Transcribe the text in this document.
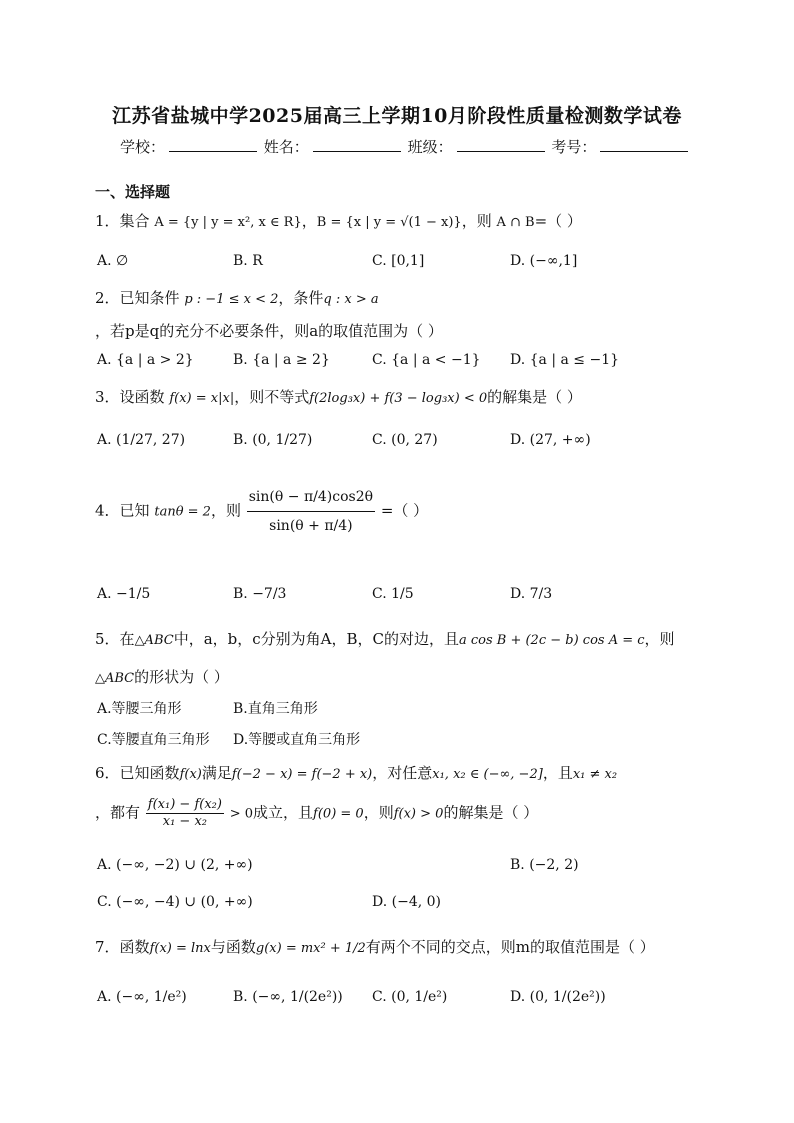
江苏省盐城中学2025届高三上学期10月阶段性质量检测数学试卷
学校：	姓名：	班级：	考号：
一、选择题
1．集合 A = {y | y = x², x ∈ R}，B = {x | y = √(1 − x)}，则 A ∩ B=（ ）
A. ∅	B. R	C. [0,1]	D. (−∞,1]
2．已知条件 p : −1 ≤ x < 2，条件q : x > a
，若p是q的充分不必要条件，则a的取值范围为（ ）
A. {a | a > 2}	B. {a | a ≥ 2}	C. {a | a < −1} D. {a | a ≤ −1}
3．设函数 f(x) = x|x|，则不等式f(2log₃x) + f(3 − log₃x) < 0的解集是（ ）
A. (1/27, 27)	B. (0, 1/27)	C. (0, 27)	D. (27, +∞)
4．已知 tanθ = 2，则 $\frac{\sin(\theta - \pi/4)\cos 2\theta}{\sin(\theta + \pi/4)}$ =（ ）
A. −1/5	B. −7/3	C. 1/5	D. 7/3
5．在△ABC中，a，b，c分别为角A，B，C的对边，且a cos B + (2c − b) cos A = c，则
△ABC的形状为（ ）
A.等腰三角形	B.直角三角形
C.等腰直角三角形 D.等腰或直角三角形
6．已知函数f(x)满足f(−2 − x) = f(−2 + x)，对任意x₁, x₂ ∈ (−∞, −2]，且x₁ ≠ x₂
，都有 $\frac{\text{f(x₁) − f(x₂)}}{\text{x₁ − x₂}} > 0$成立，且f(0) = 0，则f(x) > 0的解集是（ ）
A. (−∞, −2) ∪ (2, +∞)	B. (−2, 2)
C. (−∞, −4) ∪ (0, +∞)	D. (−4, 0)
7．函数f(x) = lnx与函数g(x) = mx² + 1/2有两个不同的交点，则m的取值范围是（ ）
A. (−∞, 1/e²)	B. (−∞, 1/(2e²)) C. (0, 1/e²)	D. (0, 1/(2e²))
